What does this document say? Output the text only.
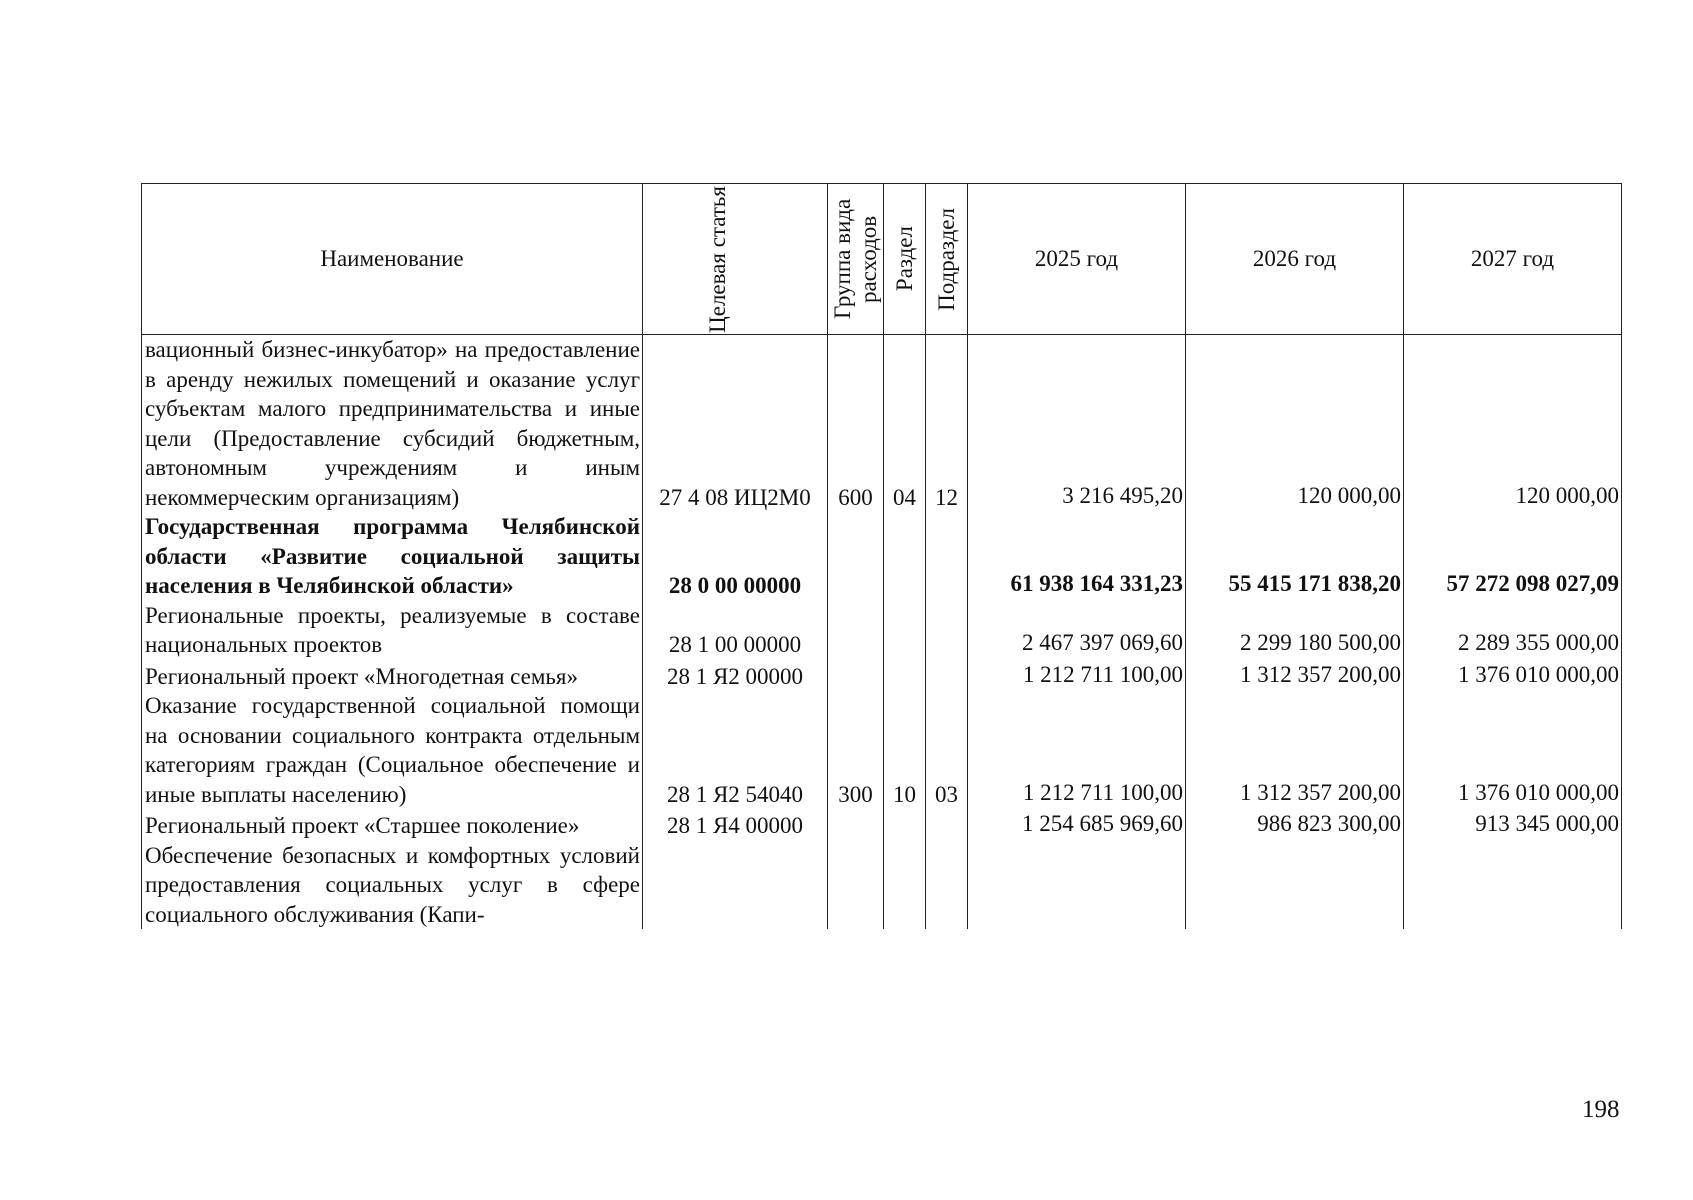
Наименование	Целевая статья	Группа вида расходов	Раздел	Подраздел	2025 год	2026 год	2027 год

вационный бизнес-инкубатор» на предоставление в аренду нежилых помещений и оказание услуг субъектам малого предпринимательства и иные цели (Предоставление субсидий бюджетным, автономным учреждениям и иным некоммерческим организациям)	27 4 08 ИЦ2М0	600	04	12	3 216 495,20	120 000,00	120 000,00

Государственная программа Челябинской области «Развитие социальной защиты населения в Челябинской области»	28 0 00 00000				61 938 164 331,23	55 415 171 838,20	57 272 098 027,09

Региональные проекты, реализуемые в составе национальных проектов	28 1 00 00000				2 467 397 069,60	2 299 180 500,00	2 289 355 000,00

Региональный проект «Многодетная семья»	28 1 Я2 00000				1 212 711 100,00	1 312 357 200,00	1 376 010 000,00

Оказание государственной социальной помощи на основании социального контракта отдельным категориям граждан (Социальное обеспечение и иные выплаты населению)	28 1 Я2 54040	300	10	03	1 212 711 100,00	1 312 357 200,00	1 376 010 000,00

Региональный проект «Старшее поколение»	28 1 Я4 00000				1 254 685 969,60	986 823 300,00	913 345 000,00

Обеспечение безопасных и комфортных условий предоставления социальных услуг в сфере социального обслуживания (Капи-							

198
